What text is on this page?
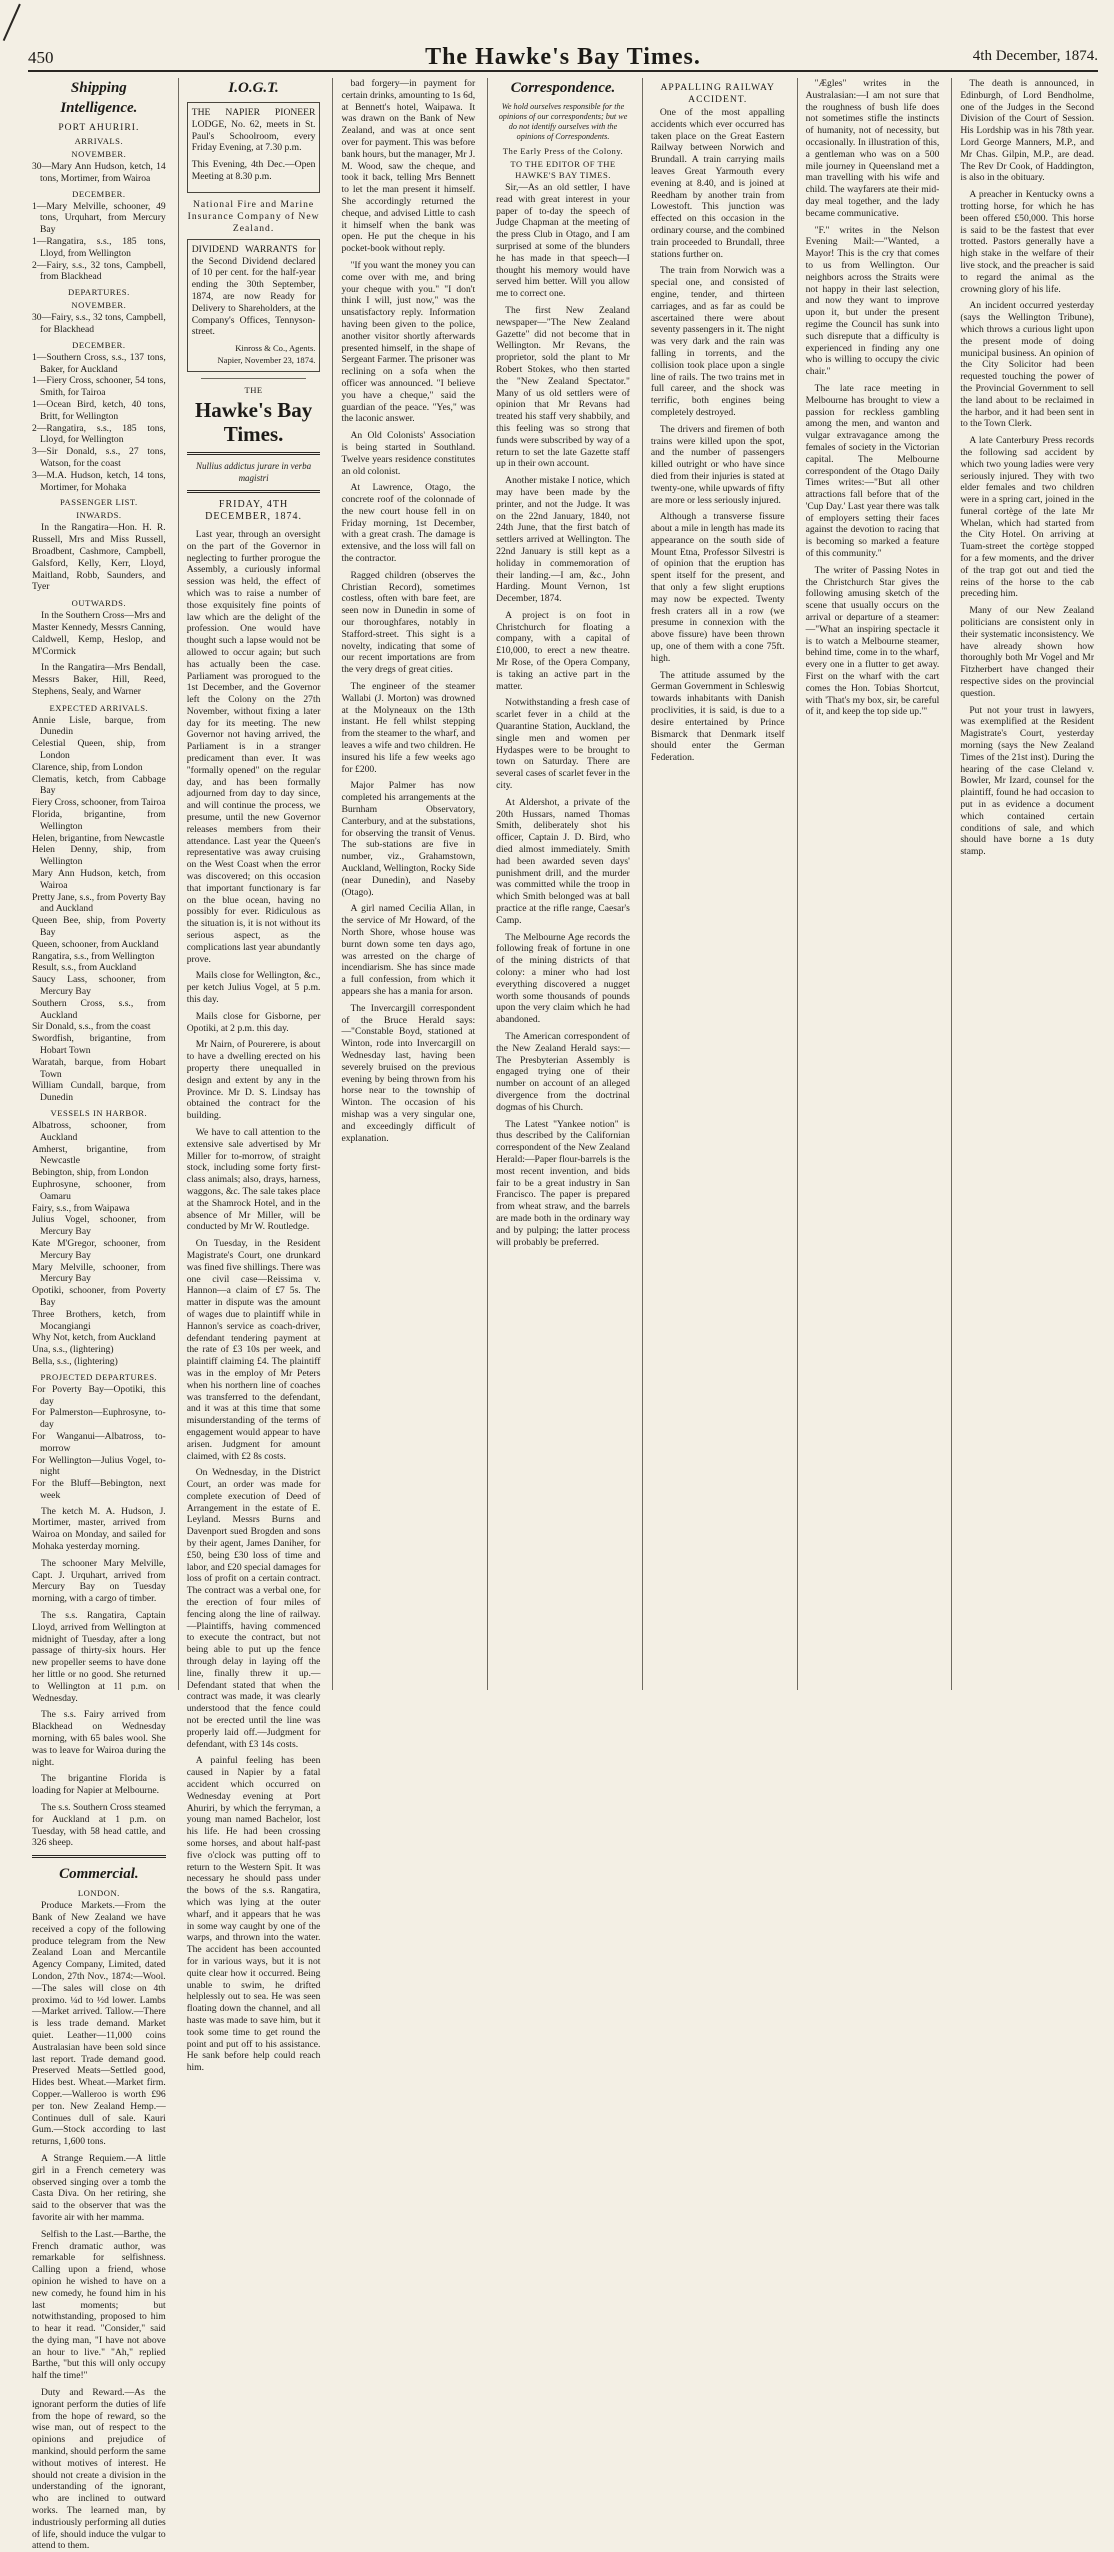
450	The Hawke's Bay Times.	4th December, 1874.
Shipping Intelligence.
PORT AHURIRI.
ARRIVALS.
NOVEMBER.
30—Mary Ann Hudson, ketch, 14 tons, Mortimer, from Wairoa
DECEMBER.
1—Mary Melville, schooner, 49 tons, Urquhart, from Mercury Bay
1—Rangatira, s.s., 185 tons, Lloyd, from Wellington
2—Fairy, s.s., 32 tons, Campbell, from Blackhead
DEPARTURES.
NOVEMBER.
30—Fairy, s.s., 32 tons, Campbell, for Blackhead
DECEMBER.
1—Southern Cross, s.s., 137 tons, Baker, for Auckland
1—Fiery Cross, schooner, 54 tons, Smith, for Tairoa
1—Ocean Bird, ketch, 40 tons, Britt, for Wellington
2—Rangatira, s.s., 185 tons, Lloyd, for Wellington
3—Sir Donald, s.s., 27 tons, Watson, for the coast
3—M.A. Hudson, ketch, 14 tons, Mortimer, for Mohaka
PASSENGER LIST.
INWARDS.

In the Rangatira—Hon. H. R. Russell, Mrs and Miss Russell, Broadbent, Cashmore, Campbell, Galsford, Kelly, Kerr, Lloyd, Maitland, Robb, Saunders, and Tyer

OUTWARDS.

In the Southern Cross—Mrs and Master Kennedy, Messrs Canning, Caldwell, Kemp, Heslop, and M'Cormick

In the Rangatira—Mrs Bendall, Messrs Baker, Hill, Reed, Stephens, Sealy, and Warner

EXPECTED ARRIVALS.
Annie Lisle, barque, from Dunedin
Celestial Queen, ship, from London
Clarence, ship, from London
Clematis, ketch, from Cabbage Bay
Fiery Cross, schooner, from Tairoa
Florida, brigantine, from Wellington
Helen, brigantine, from Newcastle
Helen Denny, ship, from Wellington
Mary Ann Hudson, ketch, from Wairoa
Pretty Jane, s.s., from Poverty Bay and Auckland
Queen Bee, ship, from Poverty Bay
Queen, schooner, from Auckland
Rangatira, s.s., from Wellington
Result, s.s., from Auckland
Saucy Lass, schooner, from Mercury Bay
Southern Cross, s.s., from Auckland
Sir Donald, s.s., from the coast
Swordfish, brigantine, from Hobart Town
Waratah, barque, from Hobart Town
William Cundall, barque, from Dunedin
VESSELS IN HARBOR.
Albatross, schooner, from Auckland
Amherst, brigantine, from Newcastle
Bebington, ship, from London
Euphrosyne, schooner, from Oamaru
Fairy, s.s., from Waipawa
Julius Vogel, schooner, from Mercury Bay
Kate M'Gregor, schooner, from Mercury Bay
Mary Melville, schooner, from Mercury Bay
Opotiki, schooner, from Poverty Bay
Three Brothers, ketch, from Mocangiangi
Why Not, ketch, from Auckland
Una, s.s., (lightering)
Bella, s.s., (lightering)
PROJECTED DEPARTURES.
For Poverty Bay—Opotiki, this day
For Palmerston—Euphrosyne, to-day
For Wanganui—Albatross, to-morrow
For Wellington—Julius Vogel, to-night
For the Bluff—Bebington, next week

The ketch M. A. Hudson, J. Mortimer, master, arrived from Wairoa on Monday, and sailed for Mohaka yesterday morning.

The schooner Mary Melville, Capt. J. Urquhart, arrived from Mercury Bay on Tuesday morning, with a cargo of timber.

The s.s. Rangatira, Captain Lloyd, arrived from Wellington at midnight of Tuesday, after a long passage of thirty-six hours. Her new propeller seems to have done her little or no good. She returned to Wellington at 11 p.m. on Wednesday.

The s.s. Fairy arrived from Blackhead on Wednesday morning, with 65 bales wool. She was to leave for Wairoa during the night.

The brigantine Florida is loading for Napier at Melbourne.

The s.s. Southern Cross steamed for Auckland at 1 p.m. on Tuesday, with 58 head cattle, and 326 sheep.

Commercial.
LONDON.

Produce Markets.—From the Bank of New Zealand we have received a copy of the following produce telegram from the New Zealand Loan and Mercantile Agency Company, Limited, dated London, 27th Nov., 1874:—Wool.—The sales will close on 4th proximo. ¼d to ½d lower. Lambs—Market arrived. Tallow.—There is less trade demand. Market quiet. Leather—11,000 coins Australasian have been sold since last report. Trade demand good. Preserved Meats—Settled good, Hides best. Wheat.—Market firm. Copper.—Walleroo is worth £96 per ton. New Zealand Hemp.—Continues dull of sale. Kauri Gum.—Stock according to last returns, 1,600 tons.

A Strange Requiem.—A little girl in a French cemetery was observed singing over a tomb the Casta Diva. On her retiring, she said to the observer that was the favorite air with her mamma.

Selfish to the Last.—Barthe, the French dramatic author, was remarkable for selfishness. Calling upon a friend, whose opinion he wished to have on a new comedy, he found him in his last moments; but notwithstanding, proposed to him to hear it read. "Consider," said the dying man, "I have not above an hour to live." "Ah," replied Barthe, "but this will only occupy half the time!"

Duty and Reward.—As the ignorant perform the duties of life from the hope of reward, so the wise man, out of respect to the opinions and prejudice of mankind, should perform the same without motives of interest. He should not create a division in the understanding of the ignorant, who are inclined to outward works. The learned man, by industriously performing all duties of life, should induce the vulgar to attend to them.

I.O.G.T.

THE NAPIER PIONEER LODGE, No. 62, meets in St. Paul's Schoolroom, every Friday Evening, at 7.30 p.m.

This Evening, 4th Dec.—Open Meeting at 8.30 p.m.

National Fire and Marine Insurance Company of New Zealand.

DIVIDEND WARRANTS for the Second Dividend declared of 10 per cent. for the half-year ending the 30th September, 1874, are now Ready for Delivery to Shareholders, at the Company's Offices, Tennyson-street.

Kinross & Co., Agents.
Napier, November 23, 1874.
THE
Hawke's Bay Times.
Nullius addictus jurare in verba magistri
FRIDAY, 4TH DECEMBER, 1874.

Last year, through an oversight on the part of the Governor in neglecting to further prorogue the Assembly, a curiously informal session was held, the effect of which was to raise a number of those exquisitely fine points of law which are the delight of the profession. One would have thought such a lapse would not be allowed to occur again; but such has actually been the case. Parliament was prorogued to the 1st December, and the Governor left the Colony on the 27th November, without fixing a later day for its meeting. The new Governor not having arrived, the Parliament is in a stranger predicament than ever. It was "formally opened" on the regular day, and has been formally adjourned from day to day since, and will continue the process, we presume, until the new Governor releases members from their attendance. Last year the Queen's representative was away cruising on the West Coast when the error was discovered; on this occasion that important functionary is far on the blue ocean, having no possibly for ever. Ridiculous as the situation is, it is not without its serious aspect, as the complications last year abundantly prove.

Mails close for Wellington, &c., per ketch Julius Vogel, at 5 p.m. this day.

Mails close for Gisborne, per Opotiki, at 2 p.m. this day.

Mr Nairn, of Pourerere, is about to have a dwelling erected on his property there unequalled in design and extent by any in the Province. Mr D. S. Lindsay has obtained the contract for the building.

We have to call attention to the extensive sale advertised by Mr Miller for to-morrow, of straight stock, including some forty first-class animals; also, drays, harness, waggons, &c. The sale takes place at the Shamrock Hotel, and in the absence of Mr Miller, will be conducted by Mr W. Routledge.

On Tuesday, in the Resident Magistrate's Court, one drunkard was fined five shillings. There was one civil case—Reissima v. Hannon—a claim of £7 5s. The matter in dispute was the amount of wages due to plaintiff while in Hannon's service as coach-driver, defendant tendering payment at the rate of £3 10s per week, and plaintiff claiming £4. The plaintiff was in the employ of Mr Peters when his northern line of coaches was transferred to the defendant, and it was at this time that some misunderstanding of the terms of engagement would appear to have arisen. Judgment for amount claimed, with £2 8s costs.

On Wednesday, in the District Court, an order was made for complete execution of Deed of Arrangement in the estate of E. Leyland. Messrs Burns and Davenport sued Brogden and sons by their agent, James Daniher, for £50, being £30 loss of time and labor, and £20 special damages for loss of profit on a certain contract. The contract was a verbal one, for the erection of four miles of fencing along the line of railway.—Plaintiffs, having commenced to execute the contract, but not being able to put up the fence through delay in laying off the line, finally threw it up.—Defendant stated that when the contract was made, it was clearly understood that the fence could not be erected until the line was properly laid off.—Judgment for defendant, with £3 14s costs.

A painful feeling has been caused in Napier by a fatal accident which occurred on Wednesday evening at Port Ahuriri, by which the ferryman, a young man named Bachelor, lost his life. He had been crossing some horses, and about half-past five o'clock was putting off to return to the Western Spit. It was necessary he should pass under the bows of the s.s. Rangatira, which was lying at the outer wharf, and it appears that he was in some way caught by one of the warps, and thrown into the water. The accident has been accounted for in various ways, but it is not quite clear how it occurred. Being unable to swim, he drifted helplessly out to sea. He was seen floating down the channel, and all haste was made to save him, but it took some time to get round the point and put off to his assistance. He sank before help could reach him.

bad forgery—in payment for certain drinks, amounting to 1s 6d, at Bennett's hotel, Waipawa. It was drawn on the Bank of New Zealand, and was at once sent over for payment. This was before bank hours, but the manager, Mr J. M. Wood, saw the cheque, and took it back, telling Mrs Bennett to let the man present it himself. She accordingly returned the cheque, and advised Little to cash it himself when the bank was open. He put the cheque in his pocket-book without reply.

"If you want the money you can come over with me, and bring your cheque with you." "I don't think I will, just now," was the unsatisfactory reply. Information having been given to the police, another visitor shortly afterwards presented himself, in the shape of Sergeant Farmer. The prisoner was reclining on a sofa when the officer was announced. "I believe you have a cheque," said the guardian of the peace. "Yes," was the laconic answer.

An Old Colonists' Association is being started in Southland. Twelve years residence constitutes an old colonist.

At Lawrence, Otago, the concrete roof of the colonnade of the new court house fell in on Friday morning, 1st December, with a great crash. The damage is extensive, and the loss will fall on the contractor.

Ragged children (observes the Christian Record), sometimes costless, often with bare feet, are seen now in Dunedin in some of our thoroughfares, notably in Stafford-street. This sight is a novelty, indicating that some of our recent importations are from the very dregs of great cities.

The engineer of the steamer Wallabi (J. Morton) was drowned at the Molyneaux on the 13th instant. He fell whilst stepping from the steamer to the wharf, and leaves a wife and two children. He insured his life a few weeks ago for £200.

Major Palmer has now completed his arrangements at the Burnham Observatory, Canterbury, and at the substations, for observing the transit of Venus. The sub-stations are five in number, viz., Grahamstown, Auckland, Wellington, Rocky Side (near Dunedin), and Naseby (Otago).

A girl named Cecilia Allan, in the service of Mr Howard, of the North Shore, whose house was burnt down some ten days ago, was arrested on the charge of incendiarism. She has since made a full confession, from which it appears she has a mania for arson.

The Invercargill correspondent of the Bruce Herald says:—"Constable Boyd, stationed at Winton, rode into Invercargill on Wednesday last, having been severely bruised on the previous evening by being thrown from his horse near to the township of Winton. The occasion of his mishap was a very singular one, and exceedingly difficult of explanation.

Correspondence.
We hold ourselves responsible for the opinions of our correspondents; but we do not identify ourselves with the opinions of Correspondents.
The Early Press of the Colony.
TO THE EDITOR OF THE HAWKE'S BAY TIMES.

Sir,—As an old settler, I have read with great interest in your paper of to-day the speech of Judge Chapman at the meeting of the press Club in Otago, and I am surprised at some of the blunders he has made in that speech—I thought his memory would have served him better. Will you allow me to correct one.

The first New Zealand newspaper—"The New Zealand Gazette" did not become that in Wellington. Mr Revans, the proprietor, sold the plant to Mr Robert Stokes, who then started the "New Zealand Spectator." Many of us old settlers were of opinion that Mr Revans had treated his staff very shabbily, and this feeling was so strong that funds were subscribed by way of a return to set the late Gazette staff up in their own account.

Another mistake I notice, which may have been made by the printer, and not the Judge. It was on the 22nd January, 1840, not 24th June, that the first batch of settlers arrived at Wellington. The 22nd January is still kept as a holiday in commemoration of their landing.—I am, &c., John Harding. Mount Vernon, 1st December, 1874.

A project is on foot in Christchurch for floating a company, with a capital of £10,000, to erect a new theatre. Mr Rose, of the Opera Company, is taking an active part in the matter.

Notwithstanding a fresh case of scarlet fever in a child at the Quarantine Station, Auckland, the single men and women per Hydaspes were to be brought to town on Saturday. There are several cases of scarlet fever in the city.

At Aldershot, a private of the 20th Hussars, named Thomas Smith, deliberately shot his officer, Captain J. D. Bird, who died almost immediately. Smith had been awarded seven days' punishment drill, and the murder was committed while the troop in which Smith belonged was at ball practice at the rifle range, Caesar's Camp.

The Melbourne Age records the following freak of fortune in one of the mining districts of that colony: a miner who had lost everything discovered a nugget worth some thousands of pounds upon the very claim which he had abandoned.

The American correspondent of the New Zealand Herald says:—The Presbyterian Assembly is engaged trying one of their number on account of an alleged divergence from the doctrinal dogmas of his Church.

The Latest "Yankee notion" is thus described by the Californian correspondent of the New Zealand Herald:—Paper flour-barrels is the most recent invention, and bids fair to be a great industry in San Francisco. The paper is prepared from wheat straw, and the barrels are made both in the ordinary way and by pulping; the latter process will probably be preferred.

APPALLING RAILWAY ACCIDENT.

One of the most appalling accidents which ever occurred has taken place on the Great Eastern Railway between Norwich and Brundall. A train carrying mails leaves Great Yarmouth every evening at 8.40, and is joined at Reedham by another train from Lowestoft. This junction was effected on this occasion in the ordinary course, and the combined train proceeded to Brundall, three stations further on.

The train from Norwich was a special one, and consisted of engine, tender, and thirteen carriages, and as far as could be ascertained there were about seventy passengers in it. The night was very dark and the rain was falling in torrents, and the collision took place upon a single line of rails. The two trains met in full career, and the shock was terrific, both engines being completely destroyed.

The drivers and firemen of both trains were killed upon the spot, and the number of passengers killed outright or who have since died from their injuries is stated at twenty-one, while upwards of fifty are more or less seriously injured.

Although a transverse fissure about a mile in length has made its appearance on the south side of Mount Etna, Professor Silvestri is of opinion that the eruption has spent itself for the present, and that only a few slight eruptions may now be expected. Twenty fresh craters all in a row (we presume in connexion with the above fissure) have been thrown up, one of them with a cone 75ft. high.

The attitude assumed by the German Government in Schleswig towards inhabitants with Danish proclivities, it is said, is due to a desire entertained by Prince Bismarck that Denmark itself should enter the German Federation.

"Ægles" writes in the Australasian:—I am not sure that the roughness of bush life does not sometimes stifle the instincts of humanity, not of necessity, but occasionally. In illustration of this, a gentleman who was on a 500 mile journey in Queensland met a man travelling with his wife and child. The wayfarers ate their mid-day meal together, and the lady became communicative.

"F." writes in the Nelson Evening Mail:—"Wanted, a Mayor! This is the cry that comes to us from Wellington. Our neighbors across the Straits were not happy in their last selection, and now they want to improve upon it, but under the present regime the Council has sunk into such disrepute that a difficulty is experienced in finding any one who is willing to occupy the civic chair."

The late race meeting in Melbourne has brought to view a passion for reckless gambling among the men, and wanton and vulgar extravagance among the females of society in the Victorian capital. The Melbourne correspondent of the Otago Daily Times writes:—"But all other attractions fall before that of the 'Cup Day.' Last year there was talk of employers setting their faces against the devotion to racing that is becoming so marked a feature of this community."

The writer of Passing Notes in the Christchurch Star gives the following amusing sketch of the scene that usually occurs on the arrival or departure of a steamer:—"What an inspiring spectacle it is to watch a Melbourne steamer, behind time, come in to the wharf, every one in a flutter to get away. First on the wharf with the cart comes the Hon. Tobias Shortcut, with 'That's my box, sir, be careful of it, and keep the top side up.'"

The death is announced, in Edinburgh, of Lord Bendholme, one of the Judges in the Second Division of the Court of Session. His Lordship was in his 78th year. Lord George Manners, M.P., and Mr Chas. Gilpin, M.P., are dead. The Rev Dr Cook, of Haddington, is also in the obituary.

A preacher in Kentucky owns a trotting horse, for which he has been offered £50,000. This horse is said to be the fastest that ever trotted. Pastors generally have a high stake in the welfare of their live stock, and the preacher is said to regard the animal as the crowning glory of his life.

An incident occurred yesterday (says the Wellington Tribune), which throws a curious light upon the present mode of doing municipal business. An opinion of the City Solicitor had been requested touching the power of the Provincial Government to sell the land about to be reclaimed in the harbor, and it had been sent in to the Town Clerk.

A late Canterbury Press records the following sad accident by which two young ladies were very seriously injured. They with two elder females and two children were in a spring cart, joined in the funeral cortège of the late Mr Whelan, which had started from the City Hotel. On arriving at Tuam-street the cortège stopped for a few moments, and the driver of the trap got out and tied the reins of the horse to the cab preceding him.

Many of our New Zealand politicians are consistent only in their systematic inconsistency. We have already shown how thoroughly both Mr Vogel and Mr Fitzherbert have changed their respective sides on the provincial question.

Put not your trust in lawyers, was exemplified at the Resident Magistrate's Court, yesterday morning (says the New Zealand Times of the 21st inst). During the hearing of the case Cleland v. Bowler, Mr Izard, counsel for the plaintiff, found he had occasion to put in as evidence a document which contained certain conditions of sale, and which should have borne a 1s duty stamp.
